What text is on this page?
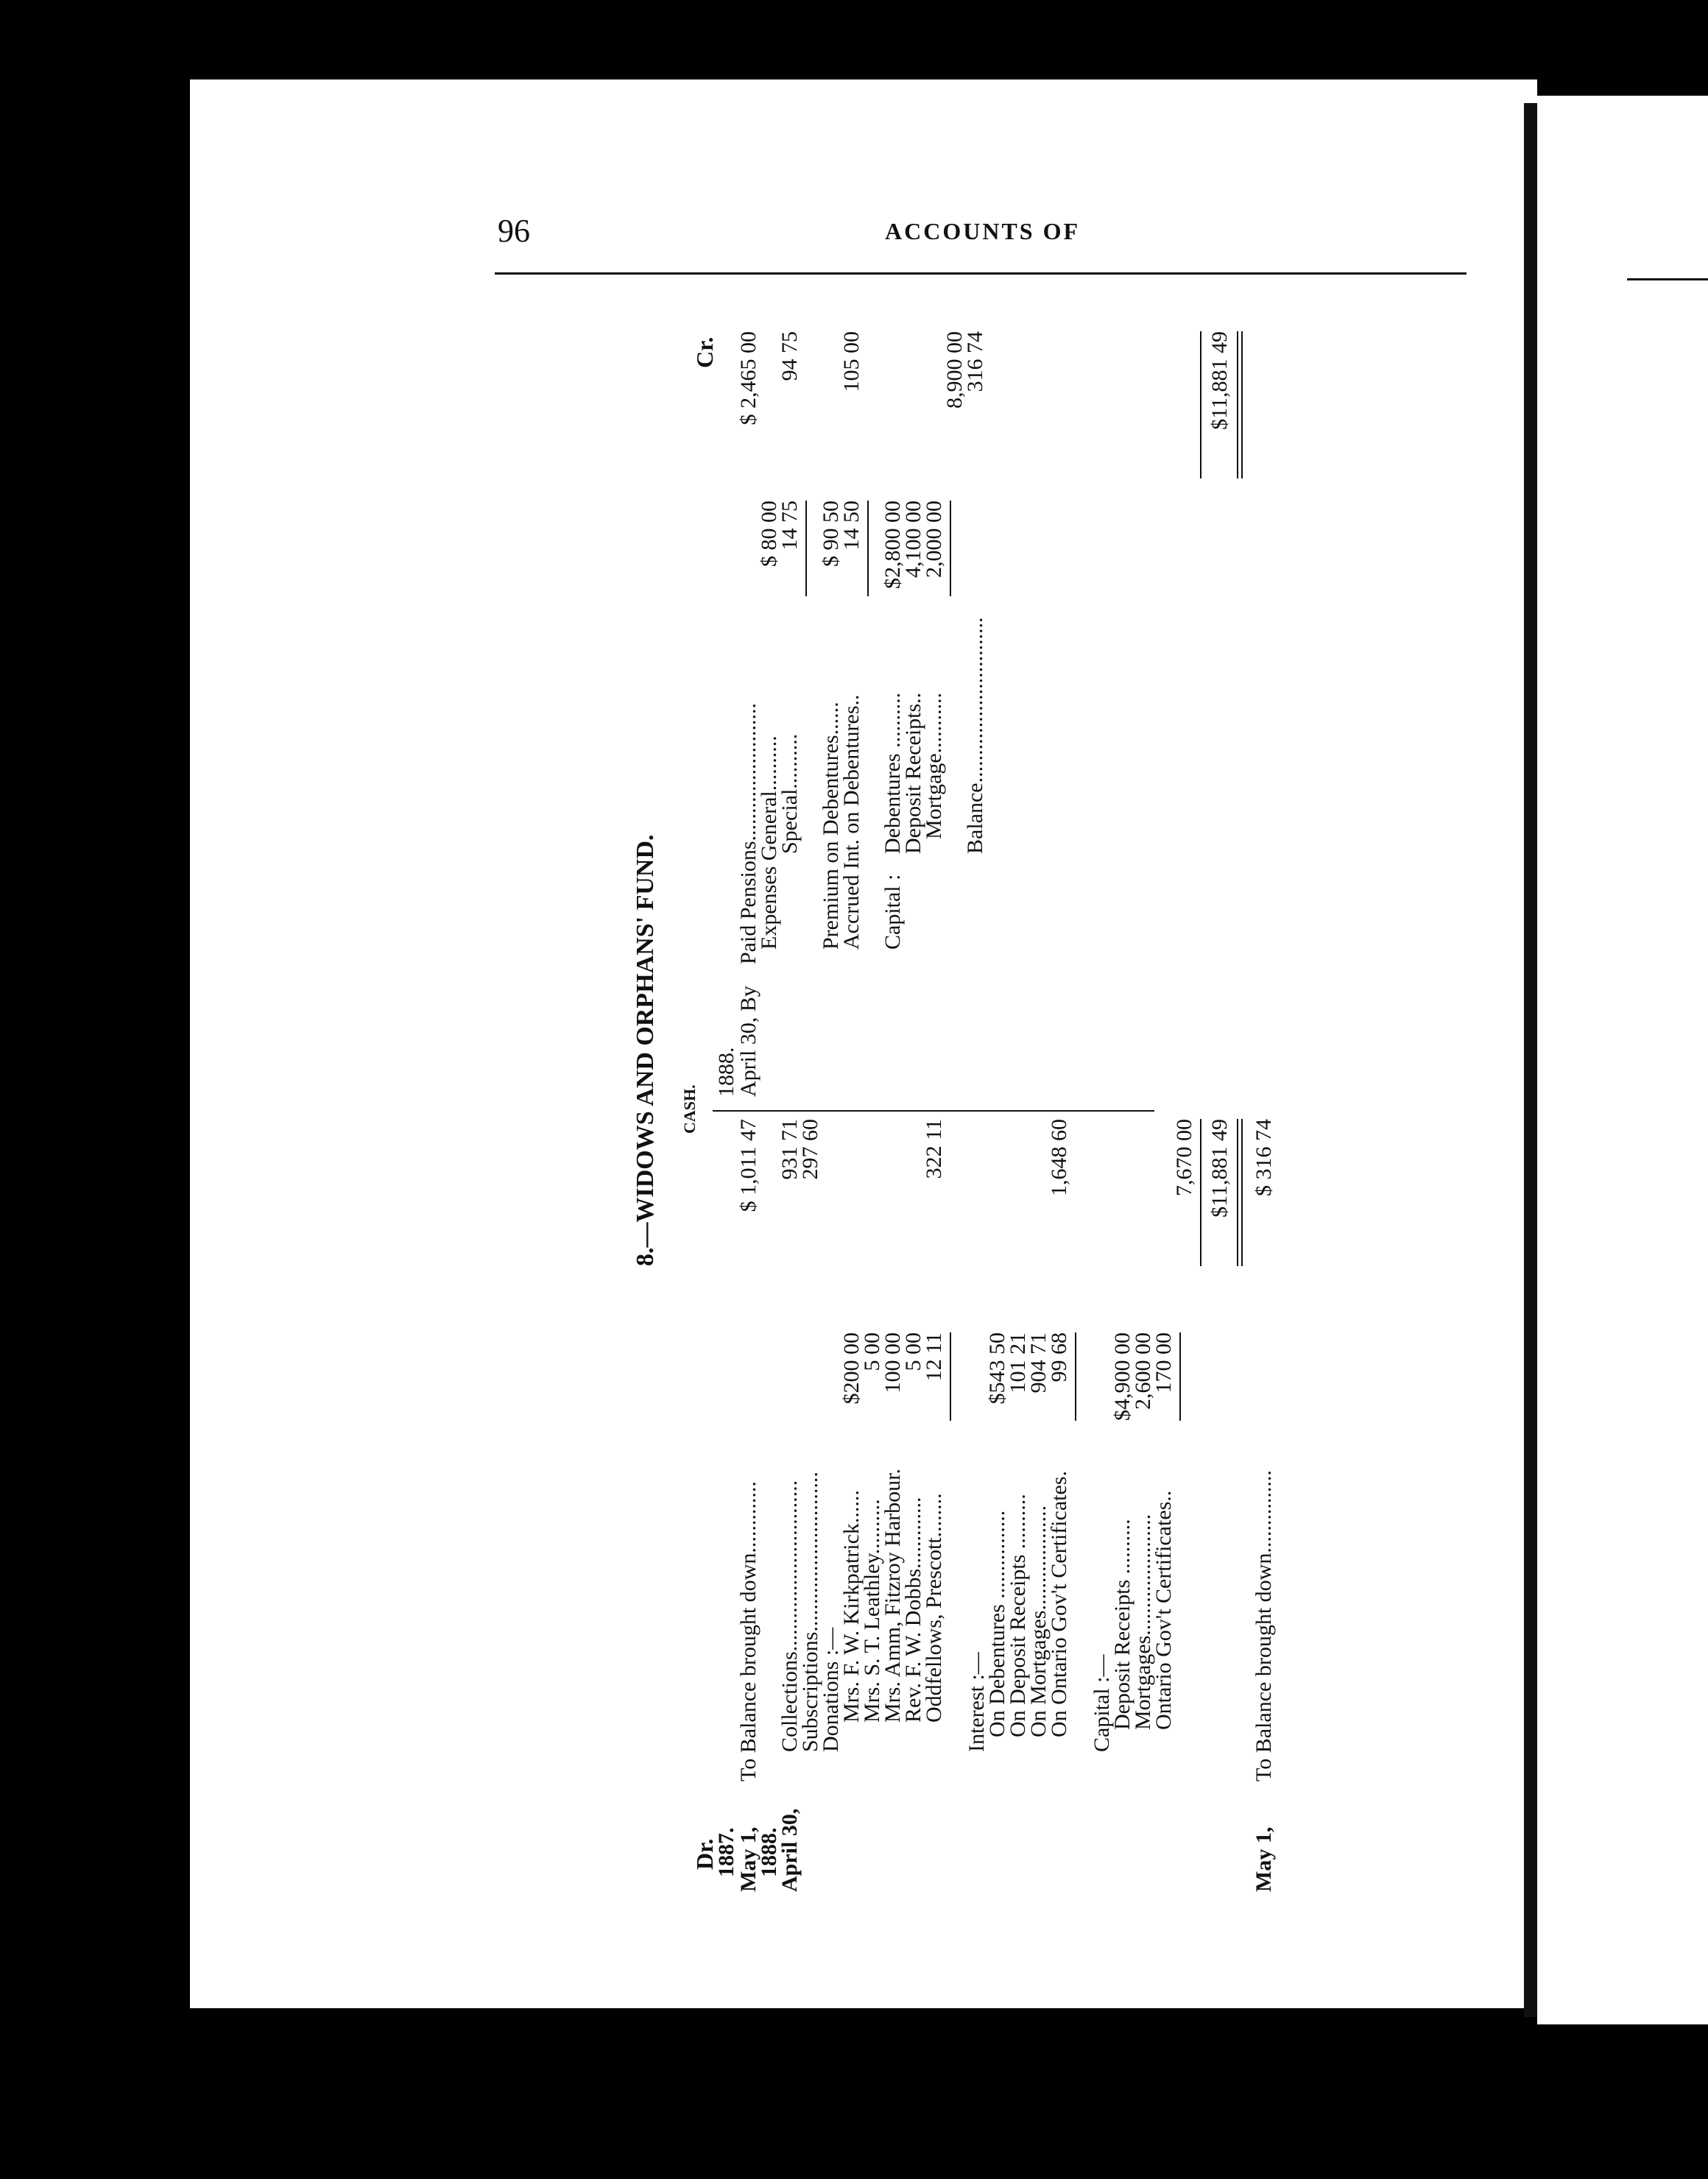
96	ACCOUNTS OF
8.—WIDOWS AND ORPHANS' FUND. CASH.
Dr.
Cr.
1887.
May 1,
1888.
April 30,
To Balance brought down.............
$ 1,011 47
Collections...............................
931 71
Subscriptions.............................
297 60
Donations :—
Mrs. F. W. Kirkpatrick......
$200 00
Mrs. S. T. Leathley..........
5 00
Mrs. Amm, Fitzroy Harbour.
100 00
Rev. F. W. Dobbs.............
5 00
Oddfellows, Prescott........
12 11
322 11
Interest :—
On Debentures ................
$543 50
On Deposit Receipts ..........
101 21
On Mortgages...................
904 71
On Ontario Gov't Certificates.
99 68
1,648 60
Capital :—
Deposit Receipts ..........
$4,900 00
Mortgages......................
2,600 00
Ontario Gov't Certificates..
170 00
7,670 00 $11,881 49
May 1,
To Balance brought down...............
$ 316 74
1888.
April 30, By
Paid Pensions.........................
$ 2,465 00
Expenses General..........
$ 80 00
Special..........
14 75
94 75
Premium on Debentures......
$ 90 50
Accrued Int. on Debentures..
14 50
105 00
Capital :
Debentures ..........
$2,800 00
Deposit Receipts..
4,100 00
Mortgage...........
2,000 00
8,900 00
Balance..............................
316 74	$11,881 49
